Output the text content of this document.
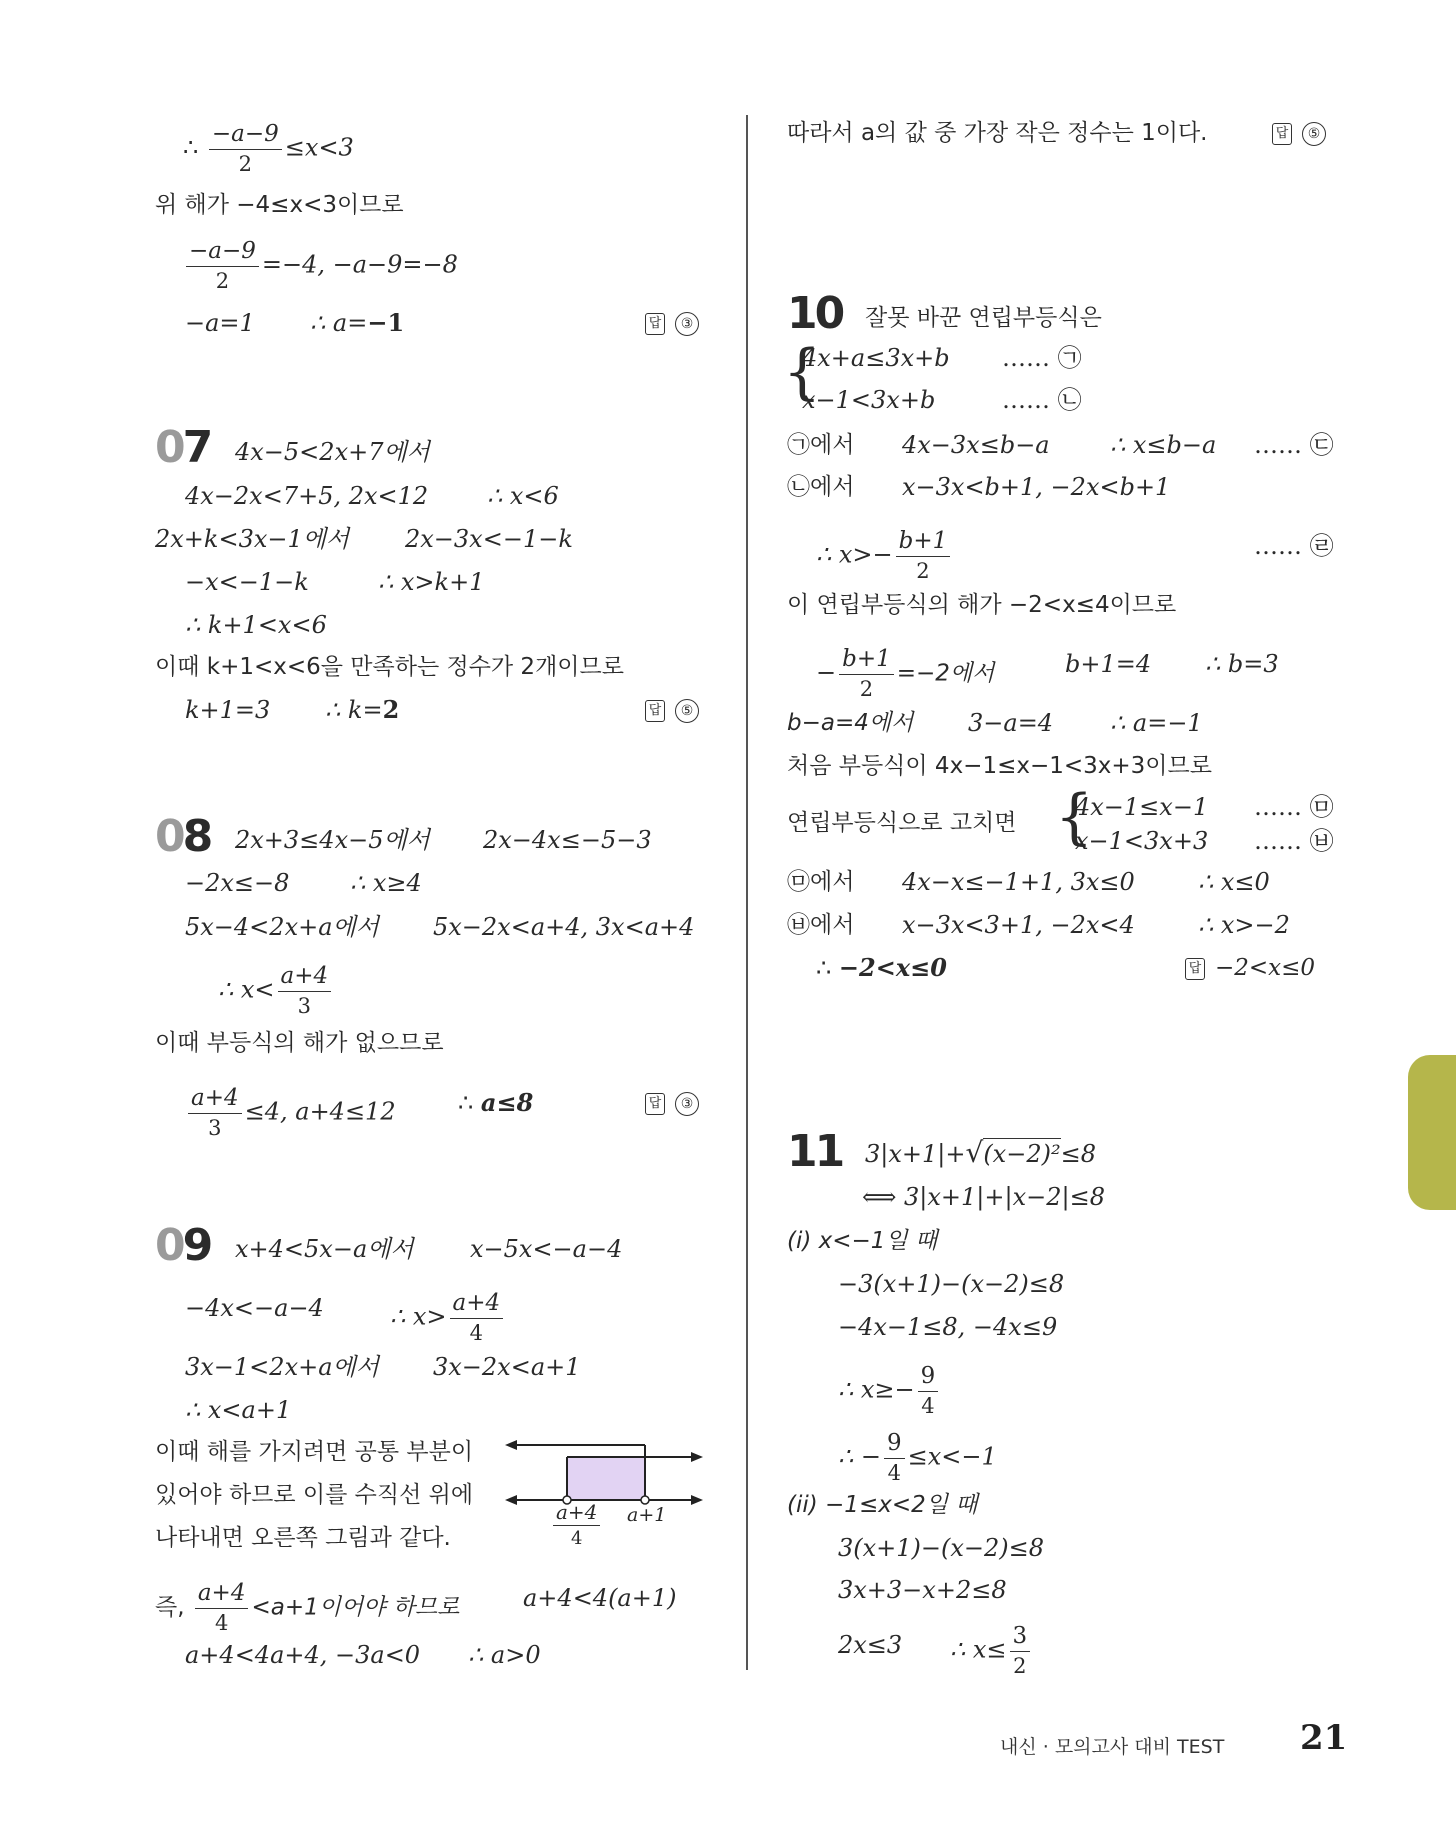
∴ $\frac{-a-9}{2} \le x<3$
위 해가 −4≤x<3이므로
$\frac{-a-9}{2} =-4$, −a−9=−8
−a=1 ∴ a=−1	답 ③
07 4x−5<2x+7에서
4x−2x<7+5, 2x<12 ∴ x<6
2x+k<3x−1에서 2x−3x<−1−k
−x<−1−k	∴ x>k+1
∴ k+1<x<6
이때 k+1<x<6을 만족하는 정수가 2개이므로
k+1=3 ∴ k=2	답 ⑤
08 2x+3≤4x−5에서 2x−4x≤−5−3
−2x≤−8	∴ x≥4
5x−4<2x+a에서 5x−2x<a+4, 3x<a+4
∴ $x< \frac{a+4}{3}$
이때 부등식의 해가 없으므로
$\frac{a+4}{3} \le 4$, a+4≤12	∴ a≤8	답 ③
09 x+4<5x−a에서 x−5x<−a−4
−4x<−a−4	∴ $x> \frac{a+4}{4}$
3x−1<2x+a에서 3x−2x<a+1
∴ x<a+1
이때 해를 가지려면 공통 부분이
있어야 하므로 이를 수직선 위에
나타내면 오른쪽 그림과 같다.	$\frac{a+4}{4} a+1$
즉, $\frac{a+4}{4} <a+1$이어야 하므로	a+4<4(a+1)
a+4<4a+4, −3a<0 ∴ a>0
따라서 a의 값 중 가장 작은 정수는 1이다.	답 ⑤
10 잘못 바꾼 연립부등식은
{
4x+a≤3x+b …… ㉠
x−1<3x+b	…… ㉡
㉠에서 4x−3x≤b−a	∴ x≤b−a …… ㉢
㉡에서 x−3x<b+1, −2x<b+1
∴ $x>- \frac{b+1}{2}$	…… ㉣
이 연립부등식의 해가 −2<x≤4이므로
− $\frac{b+1}{2} =-2$에서	b+1=4 ∴ b=3
b−a=4에서 3−a=4 ∴ a=−1
처음 부등식이 4x−1≤x−1<3x+3이므로
연립부등식으로 고치면 {
4x−1≤x−1 …… ㉤
x−1<3x+3 …… ㉥
㉤에서 4x−x≤−1+1, 3x≤0	∴ x≤0
㉥에서 x−3x<3+1, −2x<4	∴ x>−2
∴ −2<x≤0	답 −2<x≤0
11 3|x+1|+√(x−2)²≤8
⟺ 3|x+1|+|x−2|≤8
(i) x<−1일 때
−3(x+1)−(x−2)≤8
−4x−1≤8, −4x≤9
∴ $x\ge- \frac{9}{4}$
∴ − $\frac{9}{4} \le x<-1$
(ii) −1≤x<2일 때
3(x+1)−(x−2)≤8
3x+3−x+2≤8
2x≤3 ∴ $x\le \frac{3}{2}$
내신 · 모의고사 대비 TEST 21
